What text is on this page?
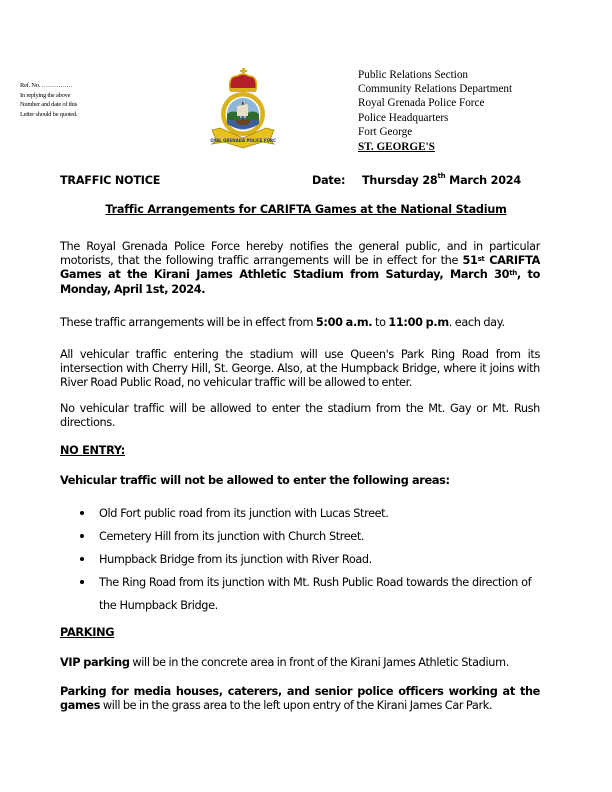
Ref. No. ……………
In replying the above
Number and date of this
Letter should be quoted.
ROYAL GRENADA POLICE FORCE
Public Relations Section
Community Relations Department
Royal Grenada Police Force
Police Headquarters
Fort George
ST. GEORGE'S
TRAFFIC NOTICE	Date: Thursday 28th March 2024
Traffic Arrangements for CARIFTA Games at the National Stadium
The Royal Grenada Police Force hereby notifies the general public, and in particular motorists, that the following traffic arrangements will be in effect for the 51st CARIFTA Games at the Kirani James Athletic Stadium from Saturday, March 30th, to Monday, April 1st, 2024.
These traffic arrangements will be in effect from 5:00 a.m. to 11:00 p.m. each day.
All vehicular traffic entering the stadium will use Queen's Park Ring Road from its intersection with Cherry Hill, St. George. Also, at the Humpback Bridge, where it joins with River Road Public Road, no vehicular traffic will be allowed to enter.
No vehicular traffic will be allowed to enter the stadium from the Mt. Gay or Mt. Rush directions.
NO ENTRY:
Vehicular traffic will not be allowed to enter the following areas:
Old Fort public road from its junction with Lucas Street.
Cemetery Hill from its junction with Church Street.
Humpback Bridge from its junction with River Road.
The Ring Road from its junction with Mt. Rush Public Road towards the direction of the Humpback Bridge.
PARKING
VIP parking will be in the concrete area in front of the Kirani James Athletic Stadium.
Parking for media houses, caterers, and senior police officers working at the games will be in the grass area to the left upon entry of the Kirani James Car Park.
